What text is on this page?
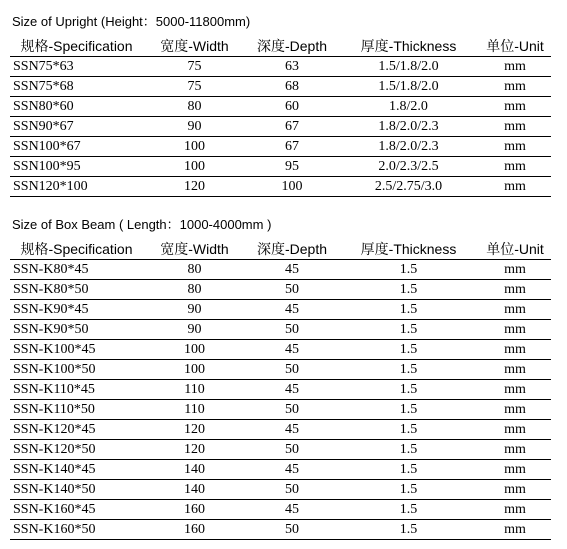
Size of Upright (Height：5000-11800mm)
规格-Specification	宽度-Width	深度-Depth	厚度-Thickness	单位-Unit
SSN75*63	75	63	1.5/1.8/2.0	mm
SSN75*68	75	68	1.5/1.8/2.0	mm
SSN80*60	80	60	1.8/2.0	mm
SSN90*67	90	67	1.8/2.0/2.3	mm
SSN100*67	100	67	1.8/2.0/2.3	mm
SSN100*95	100	95	2.0/2.3/2.5	mm
SSN120*100	120	100	2.5/2.75/3.0	mm
Size of Box Beam ( Length：1000-4000mm )
规格-Specification	宽度-Width	深度-Depth	厚度-Thickness	单位-Unit
SSN-K80*45	80	45	1.5	mm
SSN-K80*50	80	50	1.5	mm
SSN-K90*45	90	45	1.5	mm
SSN-K90*50	90	50	1.5	mm
SSN-K100*45	100	45	1.5	mm
SSN-K100*50	100	50	1.5	mm
SSN-K110*45	110	45	1.5	mm
SSN-K110*50	110	50	1.5	mm
SSN-K120*45	120	45	1.5	mm
SSN-K120*50	120	50	1.5	mm
SSN-K140*45	140	45	1.5	mm
SSN-K140*50	140	50	1.5	mm
SSN-K160*45	160	45	1.5	mm
SSN-K160*50	160	50	1.5	mm
